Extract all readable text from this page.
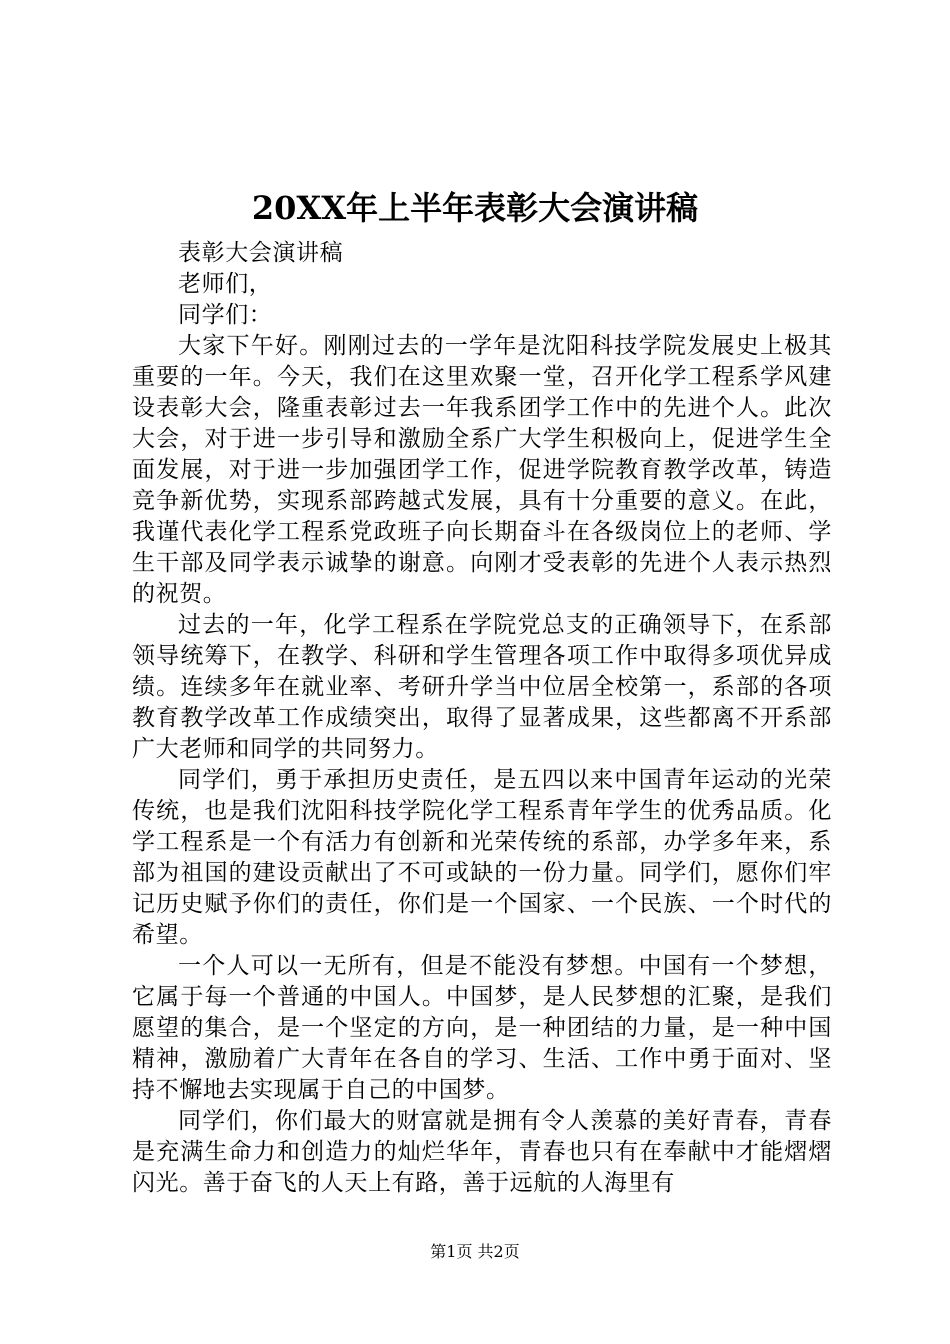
20XX年上半年表彰大会演讲稿

表彰大会演讲稿

老师们，

同学们：

大家下午好。刚刚过去的一学年是沈阳科技学院发展史上极其重要的一年。今天，我们在这里欢聚一堂，召开化学工程系学风建设表彰大会，隆重表彰过去一年我系团学工作中的先进个人。此次大会，对于进一步引导和激励全系广大学生积极向上，促进学生全面发展，对于进一步加强团学工作，促进学院教育教学改革，铸造竞争新优势，实现系部跨越式发展，具有十分重要的意义。在此，我谨代表化学工程系党政班子向长期奋斗在各级岗位上的老师、学生干部及同学表示诚挚的谢意。向刚才受表彰的先进个人表示热烈的祝贺。

过去的一年，化学工程系在学院党总支的正确领导下，在系部领导统筹下，在教学、科研和学生管理各项工作中取得多项优异成绩。连续多年在就业率、考研升学当中位居全校第一，系部的各项教育教学改革工作成绩突出，取得了显著成果，这些都离不开系部广大老师和同学的共同努力。

同学们，勇于承担历史责任，是五四以来中国青年运动的光荣传统，也是我们沈阳科技学院化学工程系青年学生的优秀品质。化学工程系是一个有活力有创新和光荣传统的系部，办学多年来，系部为祖国的建设贡献出了不可或缺的一份力量。同学们，愿你们牢记历史赋予你们的责任，你们是一个国家、一个民族、一个时代的希望。

一个人可以一无所有，但是不能没有梦想。中国有一个梦想，它属于每一个普通的中国人。中国梦，是人民梦想的汇聚，是我们愿望的集合，是一个坚定的方向，是一种团结的力量，是一种中国精神，激励着广大青年在各自的学习、生活、工作中勇于面对、坚持不懈地去实现属于自己的中国梦。

同学们，你们最大的财富就是拥有令人羡慕的美好青春，青春是充满生命力和创造力的灿烂华年，青春也只有在奉献中才能熠熠闪光。善于奋飞的人天上有路，善于远航的人海里有

第1页 共2页
